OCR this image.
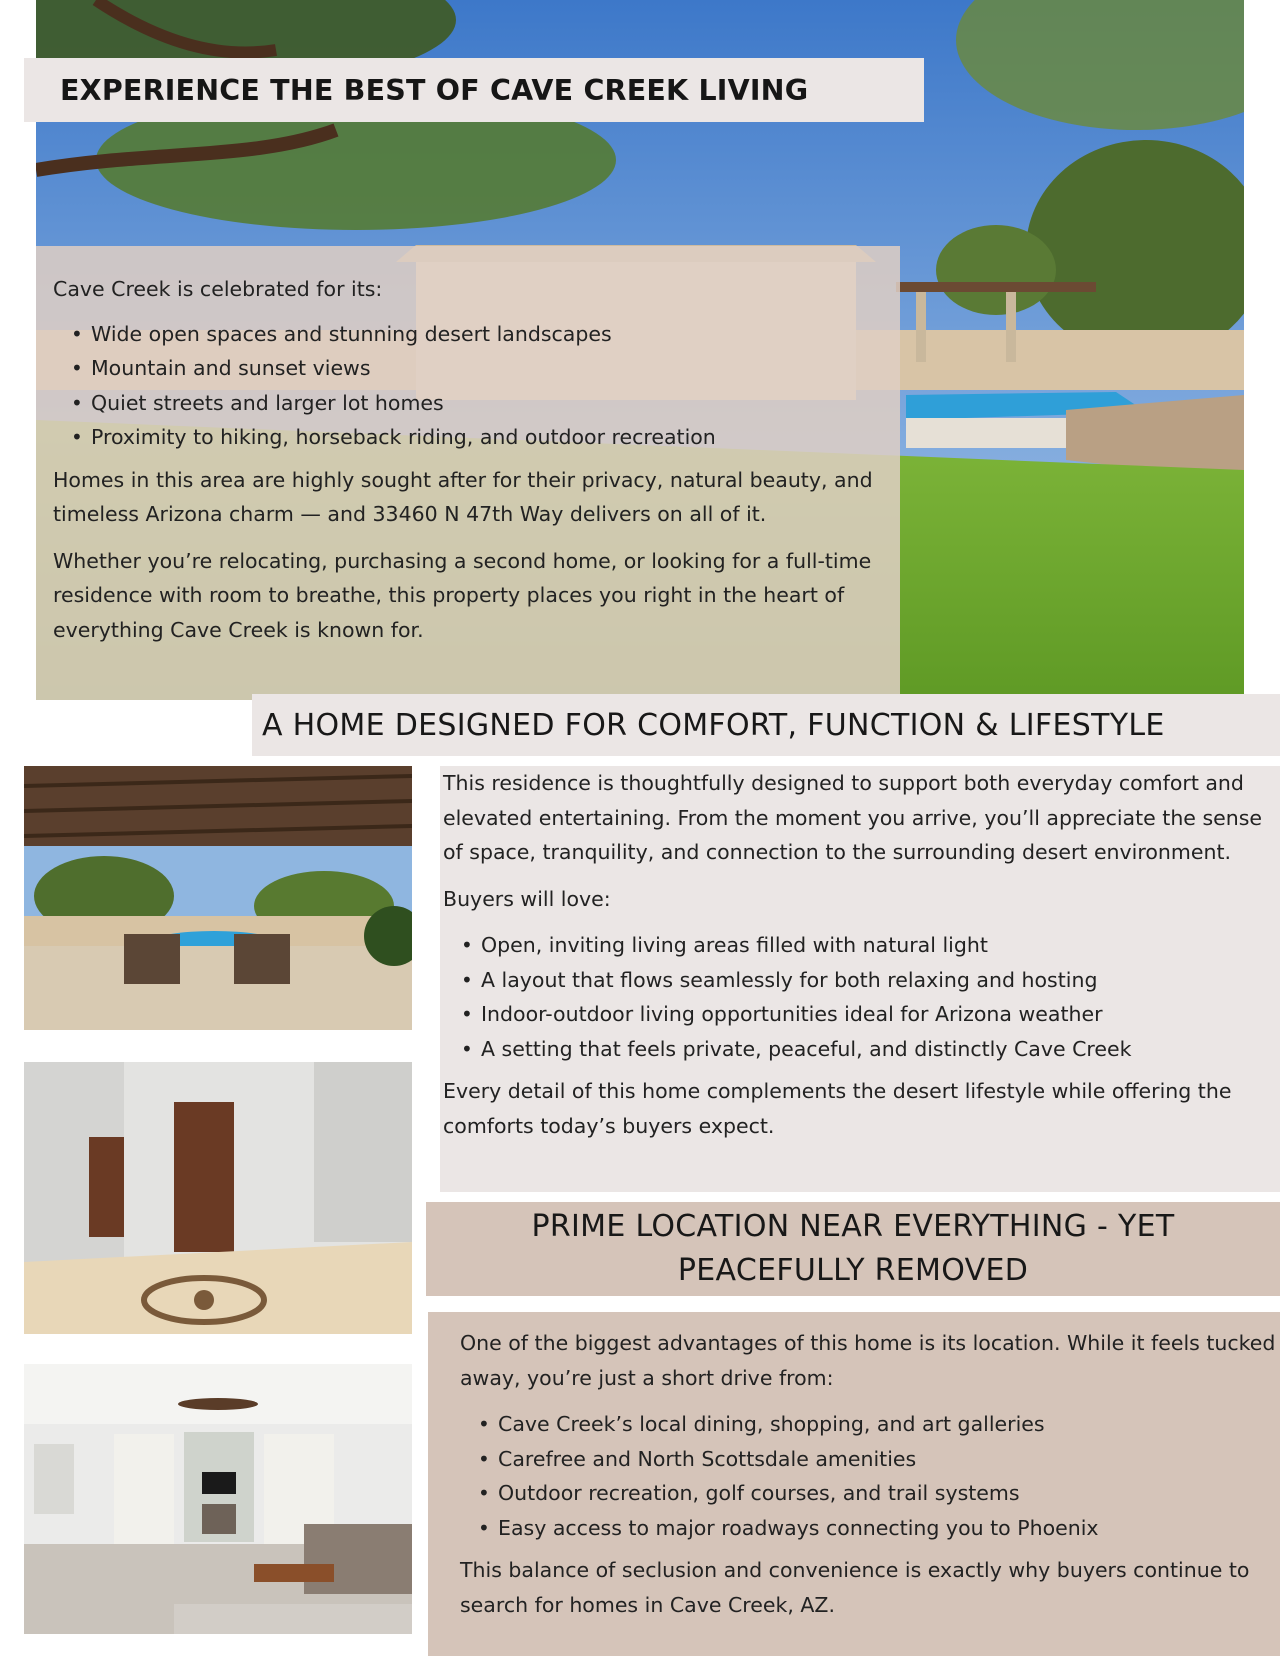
EXPERIENCE THE BEST OF CAVE CREEK LIVING

Cave Creek is celebrated for its:

• Wide open spaces and stunning desert landscapes
• Mountain and sunset views
• Quiet streets and larger lot homes
• Proximity to hiking, horseback riding, and outdoor recreation

Homes in this area are highly sought after for their privacy, natural beauty, and timeless Arizona charm — and 33460 N 47th Way delivers on all of it.

Whether you’re relocating, purchasing a second home, or looking for a full-time residence with room to breathe, this property places you right in the heart of everything Cave Creek is known for.

A HOME DESIGNED FOR COMFORT, FUNCTION & LIFESTYLE

This residence is thoughtfully designed to support both everyday comfort and elevated entertaining. From the moment you arrive, you’ll appreciate the sense of space, tranquility, and connection to the surrounding desert environment.

Buyers will love:

• Open, inviting living areas filled with natural light
• A layout that flows seamlessly for both relaxing and hosting
• Indoor-outdoor living opportunities ideal for Arizona weather
• A setting that feels private, peaceful, and distinctly Cave Creek

Every detail of this home complements the desert lifestyle while offering the comforts today’s buyers expect.

PRIME LOCATION NEAR EVERYTHING - YET PEACEFULLY REMOVED

One of the biggest advantages of this home is its location. While it feels tucked away, you’re just a short drive from:

• Cave Creek’s local dining, shopping, and art galleries
• Carefree and North Scottsdale amenities
• Outdoor recreation, golf courses, and trail systems
• Easy access to major roadways connecting you to Phoenix

This balance of seclusion and convenience is exactly why buyers continue to search for homes in Cave Creek, AZ.
